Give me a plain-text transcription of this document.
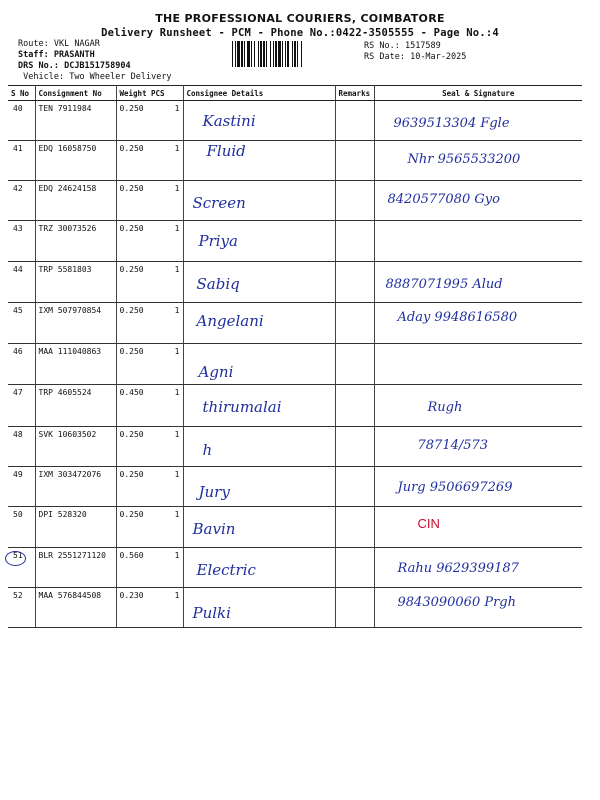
THE PROFESSIONAL COURIERS, COIMBATORE
Delivery Runsheet - PCM - Phone No.:0422-3505555 - Page No.:4
Route: VKL NAGAR
Staff: PRASANTH
DRS No.: DCJB151758904
Vehicle: Two Wheeler Delivery
RS No.: 1517589
RS Date: 10-Mar-2025
S No	Consignment No	Weight	PCS	Consignee Details	Remarks	Seal & Signature
40	TEN 7911984	0.250	1	Kastini		9639513304 Fgle
41	EDQ 16058750	0.250	1	Fluid		Nhr 9565533200
42	EDQ 24624158	0.250	1	Screen		8420577080 Gyo
43	TRZ 30073526	0.250	1	Priya		
44	TRP 5581803	0.250	1	Sabiq		8887071995 Alud
45	IXM 507970854	0.250	1	Angelani		Aday 9948616580
46	MAA 111040863	0.250	1	Agni		
47	TRP 4605524	0.450	1	thirumalai		Rugh
48	SVK 10603502	0.250	1	h		78714/573
49	IXM 303472076	0.250	1	Jury		Jurg 9506697269
50	DPI 528320	0.250	1	Bavin		CIN
51	BLR 2551271120	0.560	1	Electric		Rahu 9629399187
52	MAA 576844508	0.230	1	Pulki		9843090060 Prgh
